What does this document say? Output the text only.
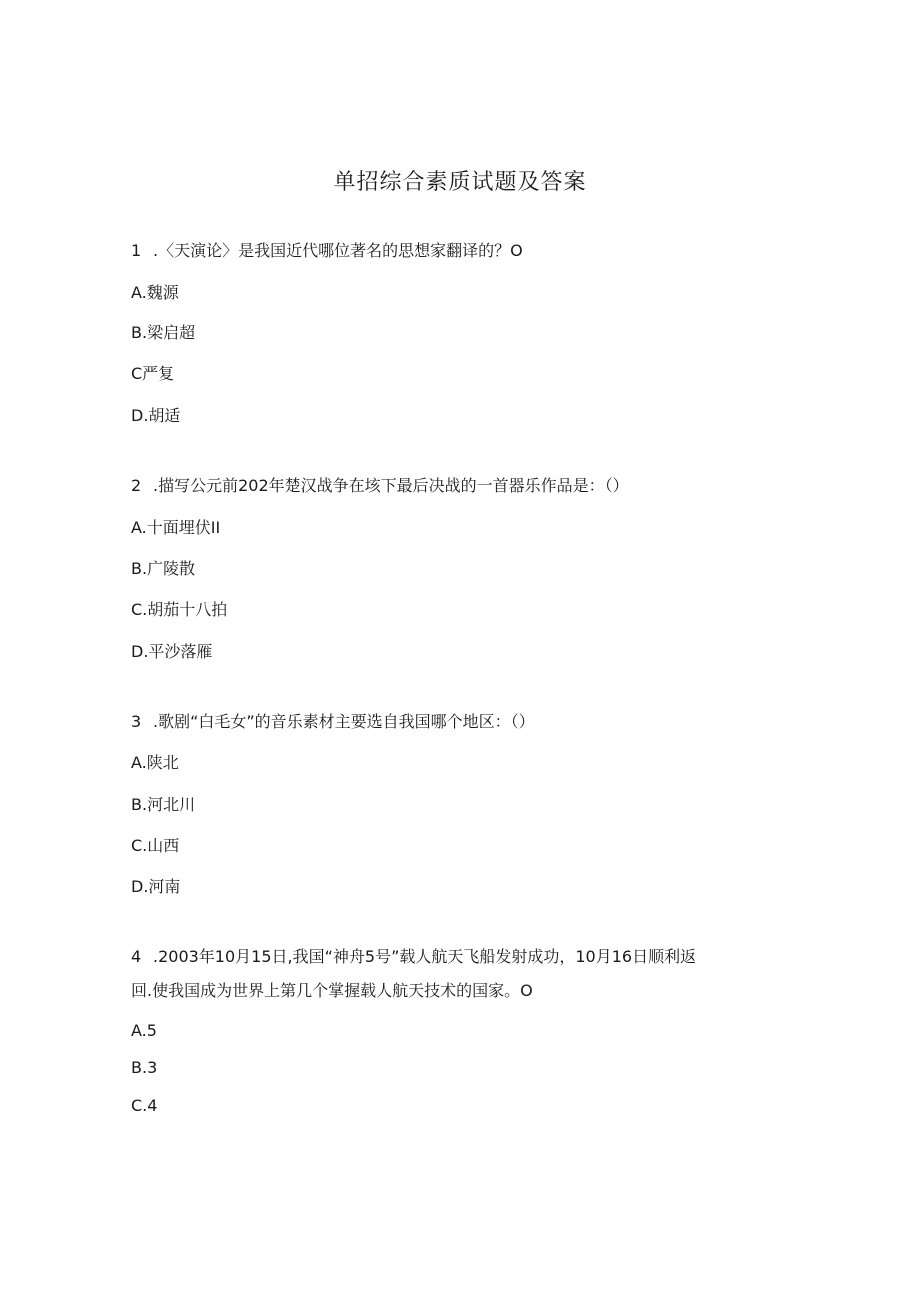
单招综合素质试题及答案
1 .〈天演论〉是我国近代哪位著名的思想家翻译的？O
A.魏源
B.梁启超
C严复
D.胡适
2 .描写公元前202年楚汉战争在垓下最后决战的一首器乐作品是：（）
A.十面埋伏II
B.广陵散
C.胡茄十八拍
D.平沙落雁
3 .歌剧“白毛女”的音乐素材主要选自我国哪个地区：（）
A.陕北
B.河北川
C.山西
D.河南
4 .2003年10月15日,我国“神舟5号”载人航天飞船发射成功，10月16日顺利返
回.使我国成为世界上第几个掌握载人航天技术的国家。O
A.5
B.3
C.4
